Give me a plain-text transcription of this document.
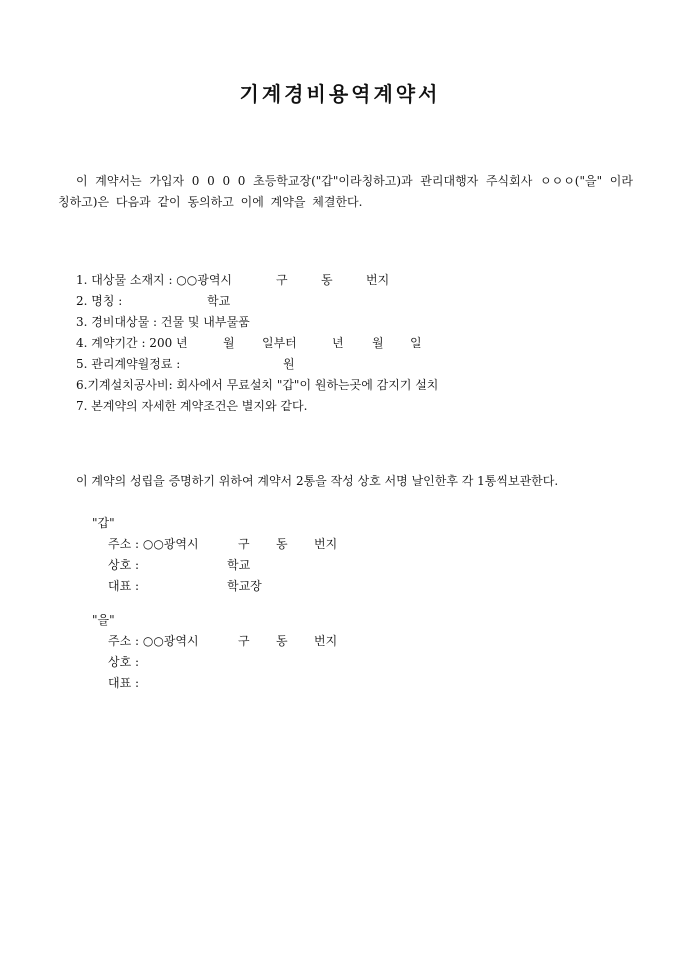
기계경비용역계약서
이 계약서는 가입자 0 0 0 0 초등학교장("갑"이라칭하고)과 관리대행자 주식회사 ㅇㅇㅇ("을" 이라칭하고)은 다음과 같이 동의하고 이에 계약을 체결한다.
1. 대상물 소재지 : ○○광역시	구	동	번지
2. 명칭 :	학교
3. 경비대상물 : 건물 및 내부물품
4. 계약기간 : 200 년	월 일부터	년 월 일
5. 관리계약월정료 :	원
6.기계설치공사비: 회사에서 무료설치 "갑"이 원하는곳에 감지기 설치
7. 본계약의 자세한 계약조건은 별지와 같다.
이 계약의 성립을 증명하기 위하여 계약서 2통을 작성 상호 서명 날인한후 각 1통씩보관한다.
"갑"
주소 : ○○광역시	구 동 번지
상호 :	학교
대표 :	학교장
"을"
주소 : ○○광역시	구 동 번지
상호 :
대표 :
